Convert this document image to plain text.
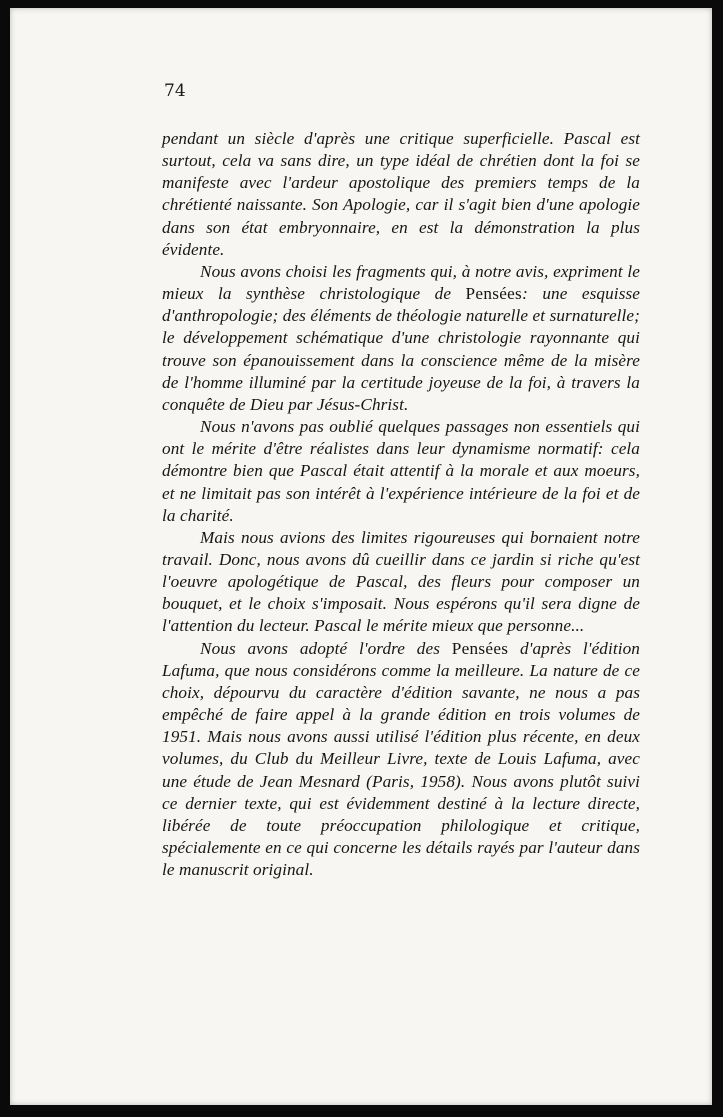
74

pendant un siècle d'après une critique superficielle. Pascal est surtout, cela va sans dire, un type idéal de chrétien dont la foi se manifeste avec l'ardeur apostolique des premiers temps de la chrétienté naissante. Son Apologie, car il s'agit bien d'une apologie dans son état embryonnaire, en est la démonstration la plus évidente.

Nous avons choisi les fragments qui, à notre avis, expriment le mieux la synthèse christologique de Pensées: une esquisse d'anthropologie; des éléments de théologie naturelle et surnaturelle; le développement schématique d'une christologie rayonnante qui trouve son épanouissement dans la conscience même de la misère de l'homme illuminé par la certitude joyeuse de la foi, à travers la conquête de Dieu par Jésus-Christ.

Nous n'avons pas oublié quelques passages non essentiels qui ont le mérite d'être réalistes dans leur dynamisme normatif: cela démontre bien que Pascal était attentif à la morale et aux moeurs, et ne limitait pas son intérêt à l'expérience intérieure de la foi et de la charité.

Mais nous avions des limites rigoureuses qui bornaient notre travail. Donc, nous avons dû cueillir dans ce jardin si riche qu'est l'oeuvre apologétique de Pascal, des fleurs pour composer un bouquet, et le choix s'imposait. Nous espérons qu'il sera digne de l'attention du lecteur. Pascal le mérite mieux que personne...

Nous avons adopté l'ordre des Pensées d'après l'édition Lafuma, que nous considérons comme la meilleure. La nature de ce choix, dépourvu du caractère d'édition savante, ne nous a pas empêché de faire appel à la grande édition en trois volumes de 1951. Mais nous avons aussi utilisé l'édition plus récente, en deux volumes, du Club du Meilleur Livre, texte de Louis Lafuma, avec une étude de Jean Mesnard (Paris, 1958). Nous avons plutôt suivi ce dernier texte, qui est évidemment destiné à la lecture directe, libérée de toute préoccupation philologique et critique, spécialemente en ce qui concerne les détails rayés par l'auteur dans le manuscrit original.
